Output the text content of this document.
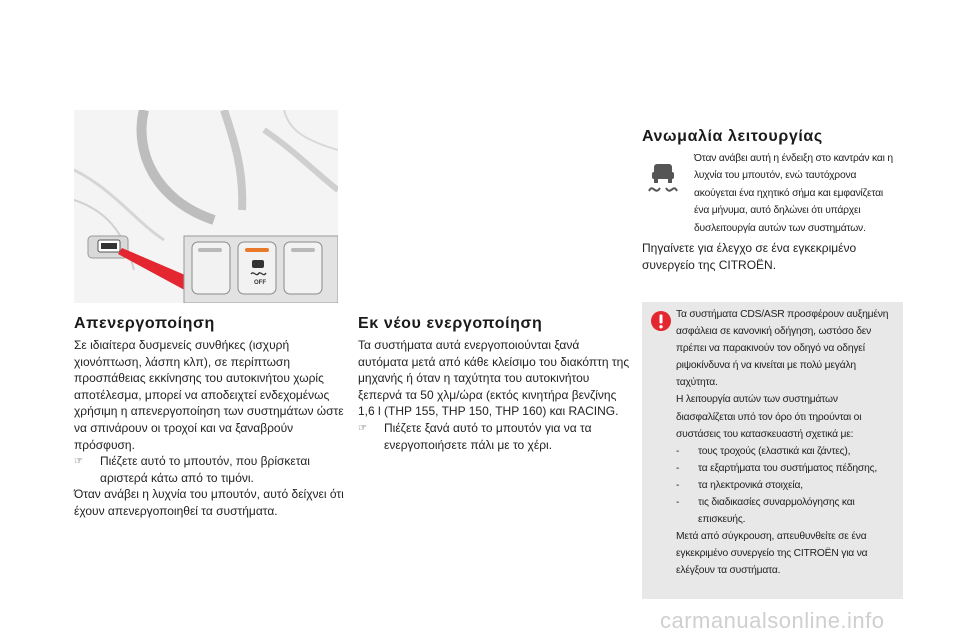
OFF
Απενεργοποίηση

Σε ιδιαίτερα δυσμενείς συνθήκες (ισχυρή χιονόπτωση, λάσπη κλπ), σε περίπτωση προσπάθειας εκκίνησης του αυτοκινήτου χωρίς αποτέλεσμα, μπορεί να αποδειχτεί ενδεχομένως χρήσιμη η απενεργοποίηση των συστημάτων ώστε να σπινάρουν οι τροχοί και να ξαναβρούν πρόσφυση.

☞	Πιέζετε αυτό το μπουτόν, που βρίσκεται αριστερά κάτω από το τιμόνι.

Όταν ανάβει η λυχνία του μπουτόν, αυτό δείχνει ότι έχουν απενεργοποιηθεί τα συστήματα.

Εκ νέου ενεργοποίηση

Τα συστήματα αυτά ενεργοποιούνται ξανά αυτόματα μετά από κάθε κλείσιμο του διακόπτη της μηχανής ή όταν η ταχύτητα του αυτοκινήτου ξεπερνά τα 50 χλμ/ώρα (εκτός κινητήρα βενζίνης 1,6 l (THP 155, THP 150, THP 160) και RACING.

☞	Πιέζετε ξανά αυτό το μπουτόν για να τα ενεργοποιήσετε πάλι με το χέρι.
Ανωμαλία λειτουργίας
Όταν ανάβει αυτή η ένδειξη στο καντράν και η λυχνία του μπουτόν, ενώ ταυτόχρονα ακούγεται ένα ηχητικό σήμα και εμφανίζεται ένα μήνυμα, αυτό δηλώνει ότι υπάρχει δυσλειτουργία αυτών των συστημάτων.
Πηγαίνετε για έλεγχο σε ένα εγκεκριμένο συνεργείο της CITROËN.

Τα συστήματα CDS/ASR προσφέρουν αυξημένη ασφάλεια σε κανονική οδήγηση, ωστόσο δεν πρέπει να παρακινούν τον οδηγό να οδηγεί ριψοκίνδυνα ή να κινείται με πολύ μεγάλη ταχύτητα.

Η λειτουργία αυτών των συστημάτων διασφαλίζεται υπό τον όρο ότι τηρούνται οι συστάσεις του κατασκευαστή σχετικά με:

-	τους τροχούς (ελαστικά και ζάντες),
-	τα εξαρτήματα του συστήματος πέδησης,
-	τα ηλεκτρονικά στοιχεία,
-	τις διαδικασίες συναρμολόγησης και επισκευής.

Μετά από σύγκρουση, απευθυνθείτε σε ένα εγκεκριμένο συνεργείο της CITROËN για να ελέγξουν τα συστήματα.

carmanualsonline.info
